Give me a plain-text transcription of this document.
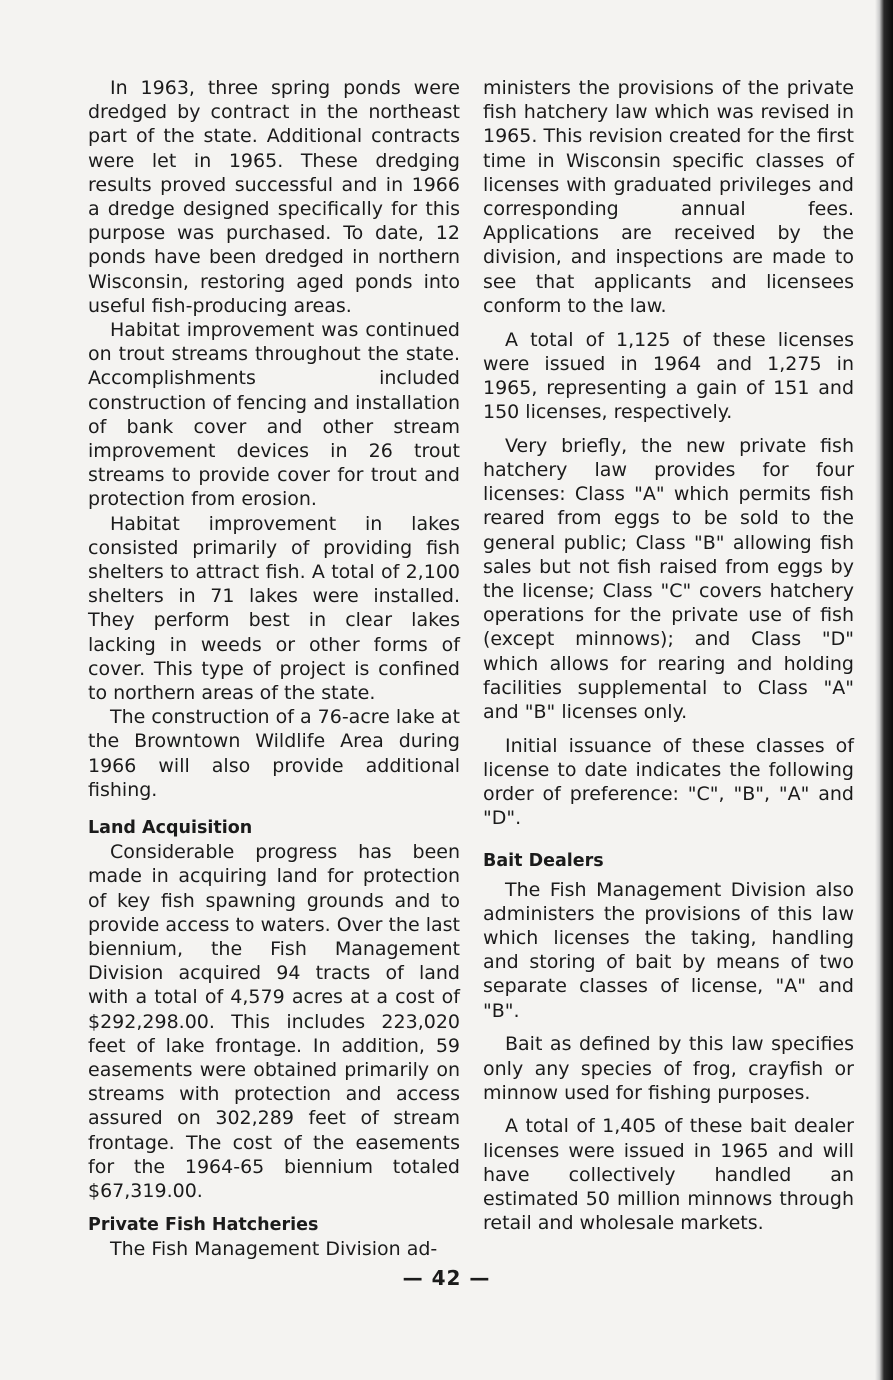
In 1963, three spring ponds were dredged by contract in the northeast part of the state. Additional contracts were let in 1965. These dredging results proved successful and in 1966 a dredge designed specifically for this purpose was purchased. To date, 12 ponds have been dredged in northern Wisconsin, restoring aged ponds into useful fish-producing areas.

Habitat improvement was continued on trout streams throughout the state. Accomplishments included construction of fencing and installation of bank cover and other stream improvement devices in 26 trout streams to provide cover for trout and protection from erosion.

Habitat improvement in lakes consisted primarily of providing fish shelters to attract fish. A total of 2,100 shelters in 71 lakes were installed. They perform best in clear lakes lacking in weeds or other forms of cover. This type of project is confined to northern areas of the state.

The construction of a 76-acre lake at the Browntown Wildlife Area during 1966 will also provide additional fishing.

Land Acquisition

Considerable progress has been made in acquiring land for protection of key fish spawning grounds and to provide access to waters. Over the last biennium, the Fish Management Division acquired 94 tracts of land with a total of 4,579 acres at a cost of $292,298.00. This includes 223,020 feet of lake frontage. In addition, 59 easements were obtained primarily on streams with protection and access assured on 302,289 feet of stream frontage. The cost of the easements for the 1964-65 biennium totaled $67,319.00.

Private Fish Hatcheries

The Fish Management Division ad-

ministers the provisions of the private fish hatchery law which was revised in 1965. This revision created for the first time in Wisconsin specific classes of licenses with graduated privileges and corresponding annual fees. Applications are received by the division, and inspections are made to see that applicants and licensees conform to the law.

A total of 1,125 of these licenses were issued in 1964 and 1,275 in 1965, representing a gain of 151 and 150 licenses, respectively.

Very briefly, the new private fish hatchery law provides for four licenses: Class "A" which permits fish reared from eggs to be sold to the general public; Class "B" allowing fish sales but not fish raised from eggs by the license; Class "C" covers hatchery operations for the private use of fish (except minnows); and Class "D" which allows for rearing and holding facilities supplemental to Class "A" and "B" licenses only.

Initial issuance of these classes of license to date indicates the following order of preference: "C", "B", "A" and "D".

Bait Dealers

The Fish Management Division also administers the provisions of this law which licenses the taking, handling and storing of bait by means of two separate classes of license, "A" and "B".

Bait as defined by this law specifies only any species of frog, crayfish or minnow used for fishing purposes.

A total of 1,405 of these bait dealer licenses were issued in 1965 and will have collectively handled an estimated 50 million minnows through retail and wholesale markets.

— 42 —
